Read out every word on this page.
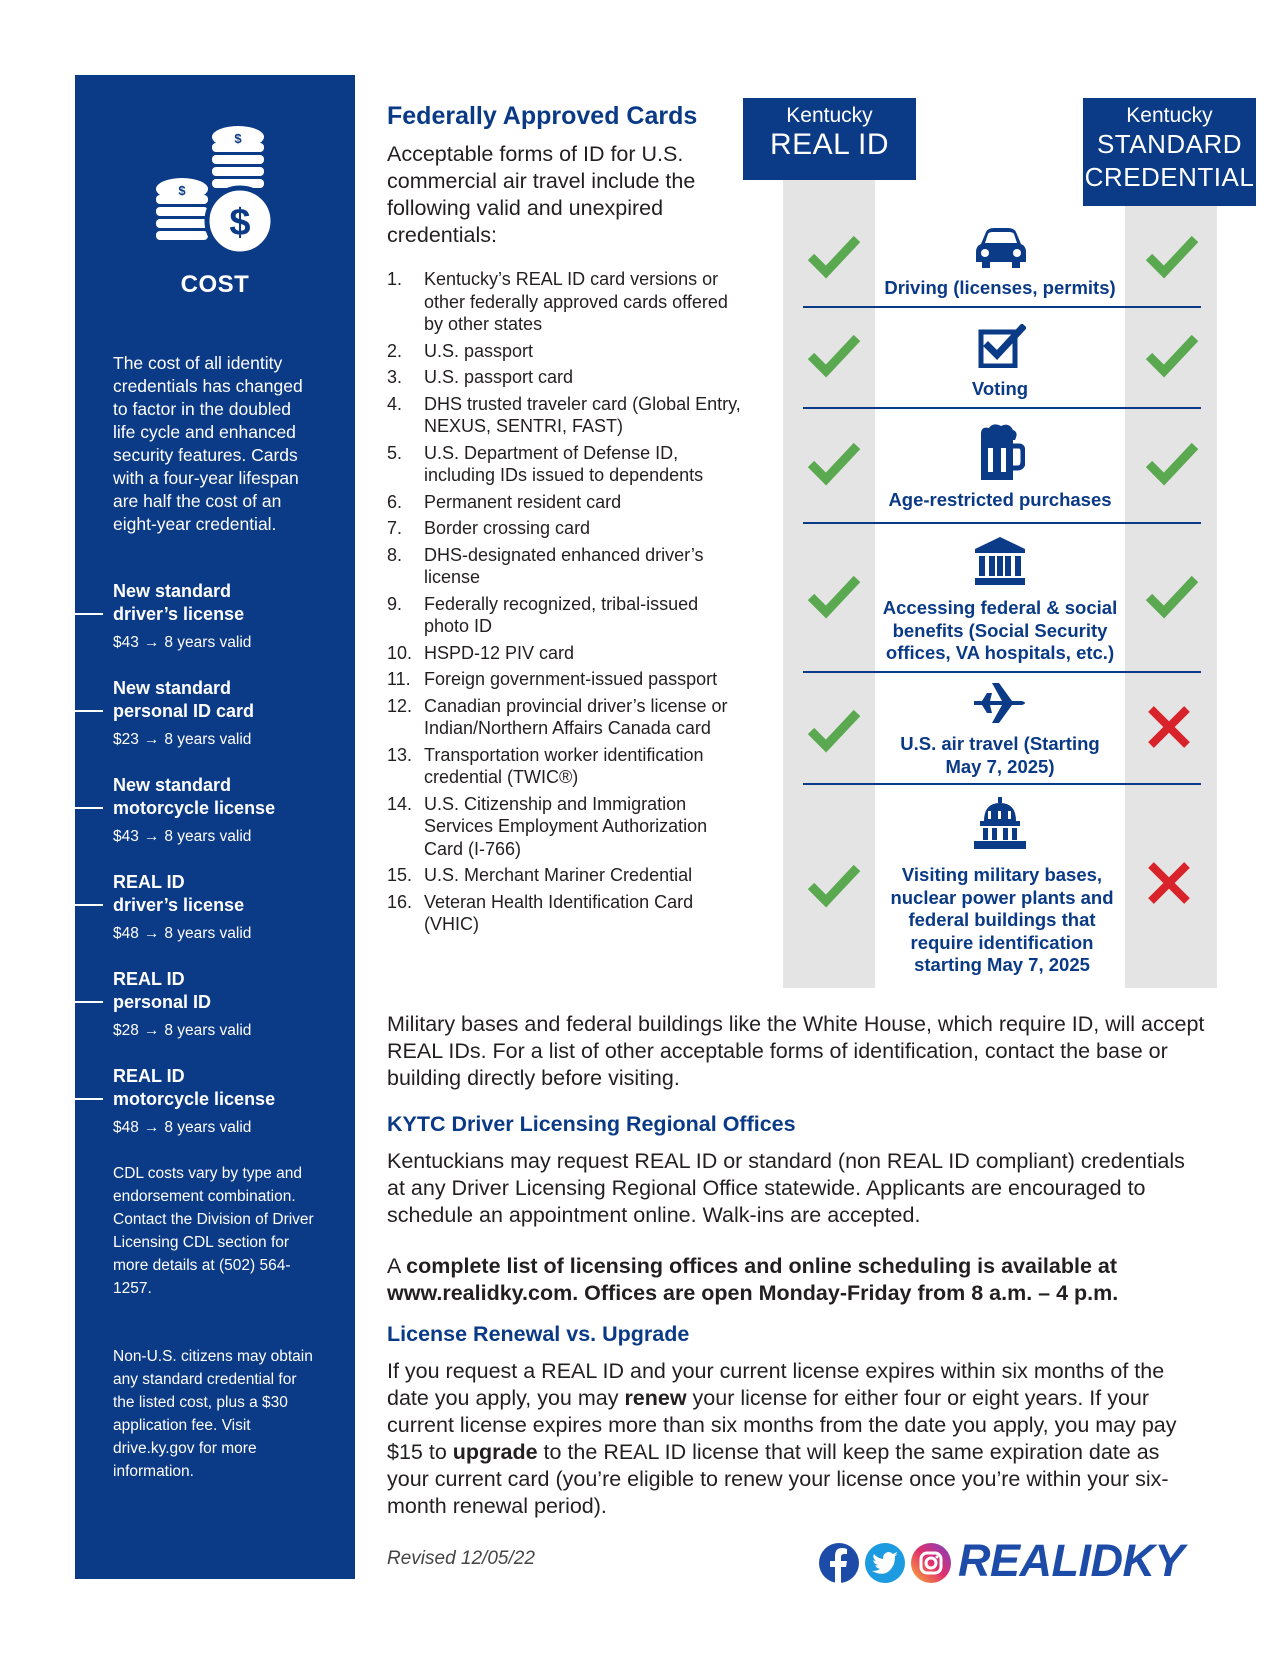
$
$
$
COST
The cost of all identity credentials has changed to factor in the doubled life cycle and enhanced security features. Cards with a four-year lifespan are half the cost of an eight-year credential.
New standard
driver’s license
$43 → 8 years valid
New standard
personal ID card
$23 → 8 years valid
New standard
motorcycle license
$43 → 8 years valid
REAL ID
driver’s license
$48 → 8 years valid
REAL ID
personal ID
$28 → 8 years valid
REAL ID
motorcycle license
$48 → 8 years valid
CDL costs vary by type and endorsement combination. Contact the Division of Driver Licensing CDL section for more details at (502) 564-1257.
Non-U.S. citizens may obtain any standard credential for the listed cost, plus a $30 application fee. Visit drive.ky.gov for more information.
Federally Approved Cards
Acceptable forms of ID for U.S. commercial air travel include the following valid and unexpired credentials:
1. Kentucky’s REAL ID card versions or other federally approved cards offered by other states
2. U.S. passport
3. U.S. passport card
4. DHS trusted traveler card (Global Entry, NEXUS, SENTRI, FAST)
5. U.S. Department of Defense ID, including IDs issued to dependents
6. Permanent resident card
7. Border crossing card
8. DHS-designated enhanced driver’s license
9. Federally recognized, tribal-issued photo ID
10. HSPD-12 PIV card
11. Foreign government-issued passport
12. Canadian provincial driver’s license or Indian/Northern Affairs Canada card
13. Transportation worker identification credential (TWIC®)
14. U.S. Citizenship and Immigration Services Employment Authorization Card (I-766)
15. U.S. Merchant Mariner Credential
16. Veteran Health Identification Card (VHIC)
Kentucky
REAL ID
Kentucky
STANDARD
CREDENTIAL
Driving (licenses, permits)
Voting
Age-restricted purchases
Accessing federal & social benefits (Social Security offices, VA hospitals, etc.)
U.S. air travel (Starting May 7, 2025)
Visiting military bases, nuclear power plants and federal buildings that require identification starting May 7, 2025
Military bases and federal buildings like the White House, which require ID, will accept REAL IDs. For a list of other acceptable forms of identification, contact the base or building directly before visiting.
KYTC Driver Licensing Regional Offices
Kentuckians may request REAL ID or standard (non REAL ID compliant) credentials at any Driver Licensing Regional Office statewide. Applicants are encouraged to schedule an appointment online. Walk-ins are accepted.
A complete list of licensing offices and online scheduling is available at www.realidky.com. Offices are open Monday-Friday from 8 a.m. – 4 p.m.
License Renewal vs. Upgrade
If you request a REAL ID and your current license expires within six months of the date you apply, you may renew your license for either four or eight years. If your current license expires more than six months from the date you apply, you may pay $15 to upgrade to the REAL ID license that will keep the same expiration date as your current card (you’re eligible to renew your license once you’re within your six-month renewal period).
Revised 12/05/22	REALIDKY
